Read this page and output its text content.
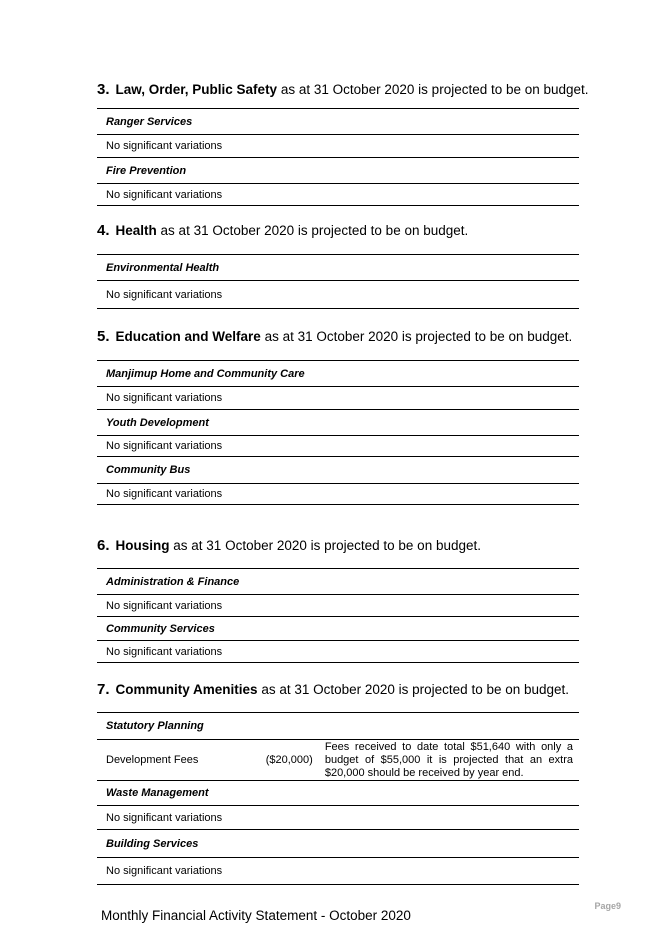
3. Law, Order, Public Safety as at 31 October 2020 is projected to be on budget.
Ranger Services
No significant variations
Fire Prevention
No significant variations
4. Health as at 31 October 2020 is projected to be on budget.
Environmental Health
No significant variations
5. Education and Welfare as at 31 October 2020 is projected to be on budget.
Manjimup Home and Community Care
No significant variations
Youth Development
No significant variations
Community Bus
No significant variations
6. Housing as at 31 October 2020 is projected to be on budget.
Administration & Finance
No significant variations
Community Services
No significant variations
7. Community Amenities as at 31 October 2020 is projected to be on budget.
Statutory Planning
Development Fees	($20,000)
Fees received to date total $51,640 with only a budget of $55,000 it is projected that an extra $20,000 should be received by year end.
Waste Management
No significant variations
Building Services
No significant variations
Page9
Monthly Financial Activity Statement - October 2020
